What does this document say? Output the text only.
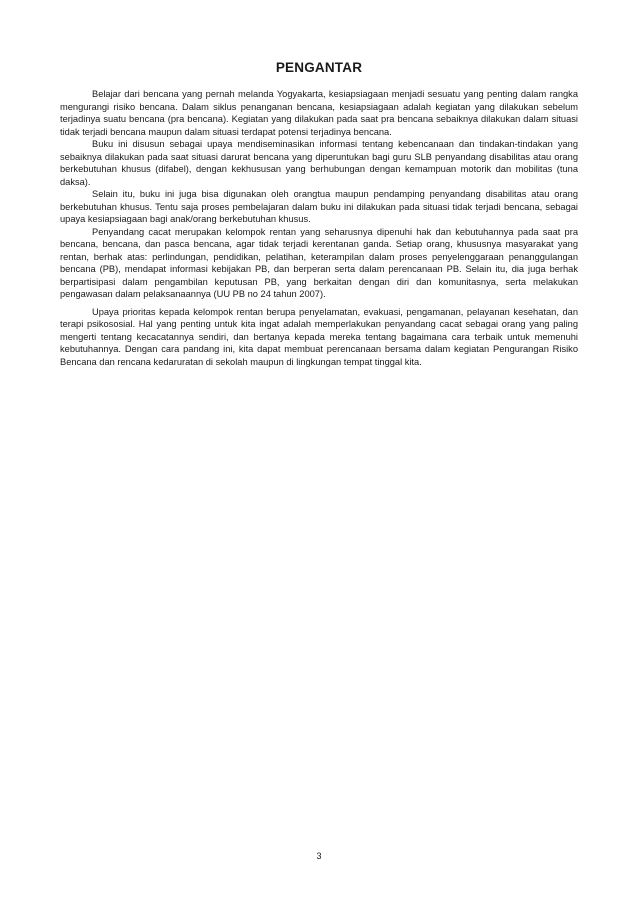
PENGANTAR

Belajar dari bencana yang pernah melanda Yogyakarta, kesiapsiagaan menjadi sesuatu yang penting dalam rangka mengurangi risiko bencana. Dalam siklus penanganan bencana, kesiapsiagaan adalah kegiatan yang dilakukan sebelum terjadinya suatu bencana (pra bencana). Kegiatan yang dilakukan pada saat pra bencana sebaiknya dilakukan dalam situasi tidak terjadi bencana maupun dalam situasi terdapat potensi terjadinya bencana.

Buku ini disusun sebagai upaya mendiseminasikan informasi tentang kebencanaan dan tindakan-tindakan yang sebaiknya dilakukan pada saat situasi darurat bencana yang diperuntukan bagi guru SLB penyandang disabilitas atau orang berkebutuhan khusus (difabel), dengan kekhususan yang berhubungan dengan kemampuan motorik dan mobilitas (tuna daksa).

Selain itu, buku ini juga bisa digunakan oleh orangtua maupun pendamping penyandang disabilitas atau orang berkebutuhan khusus. Tentu saja proses pembelajaran dalam buku ini dilakukan pada situasi tidak terjadi bencana, sebagai upaya kesiapsiagaan bagi anak/orang berkebutuhan khusus.

Penyandang cacat merupakan kelompok rentan yang seharusnya dipenuhi hak dan kebutuhannya pada saat pra bencana, bencana, dan pasca bencana, agar tidak terjadi kerentanan ganda. Setiap orang, khususnya masyarakat yang rentan, berhak atas: perlindungan, pendidikan, pelatihan, keterampilan dalam proses penyelenggaraan penanggulangan bencana (PB), mendapat informasi kebijakan PB, dan berperan serta dalam perencanaan PB. Selain itu, dia juga berhak berpartisipasi dalam pengambilan keputusan PB, yang berkaitan dengan diri dan komunitasnya, serta melakukan pengawasan dalam pelaksanaannya (UU PB no 24 tahun 2007).

Upaya prioritas kepada kelompok rentan berupa penyelamatan, evakuasi, pengamanan, pelayanan kesehatan, dan terapi psikososial. Hal yang penting untuk kita ingat adalah memperlakukan penyandang cacat sebagai orang yang paling mengerti tentang kecacatannya sendiri, dan bertanya kepada mereka tentang bagaimana cara terbaik untuk memenuhi kebutuhannya. Dengan cara pandang ini, kita dapat membuat perencanaan bersama dalam kegiatan Pengurangan Risiko Bencana dan rencana kedaruratan di sekolah maupun di lingkungan tempat tinggal kita.

3
